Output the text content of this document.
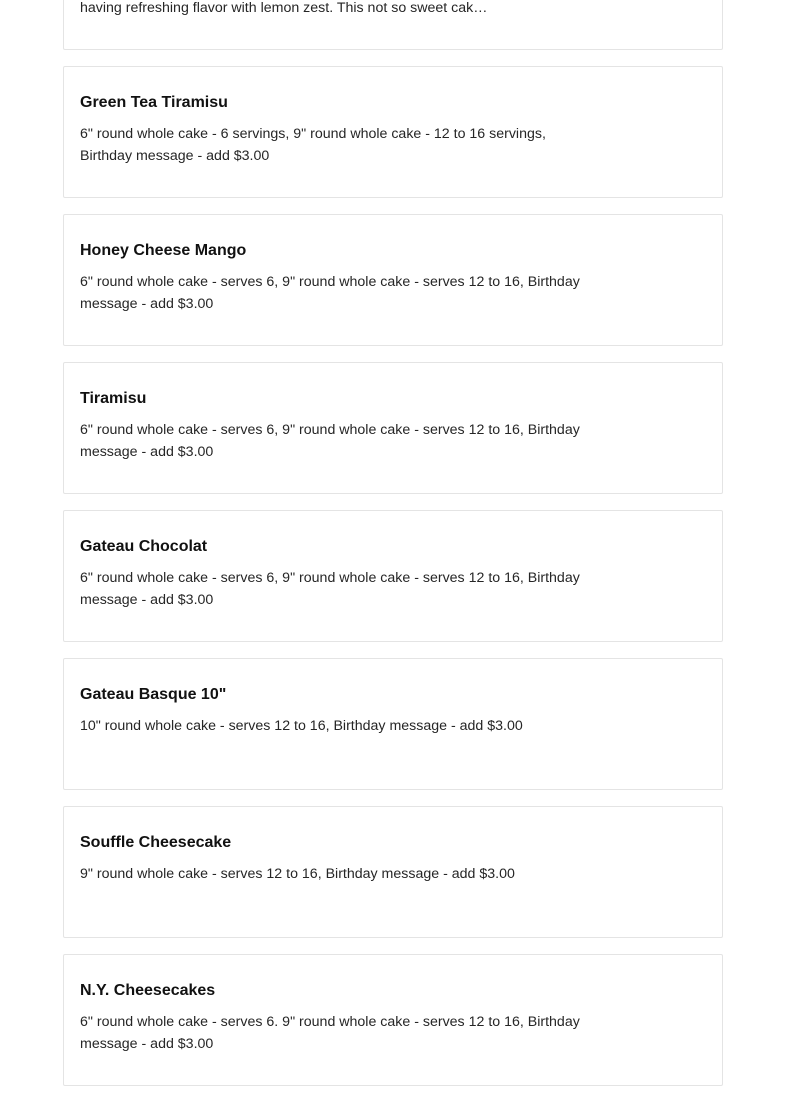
having refreshing flavor with lemon zest. This not so sweet cak…

Green Tea Tiramisu

6" round whole cake - 6 servings, 9" round whole cake - 12 to 16 servings, Birthday message - add $3.00

Honey Cheese Mango

6" round whole cake - serves 6, 9" round whole cake - serves 12 to 16, Birthday message - add $3.00

Tiramisu

6" round whole cake - serves 6, 9" round whole cake - serves 12 to 16, Birthday message - add $3.00

Gateau Chocolat

6" round whole cake - serves 6, 9" round whole cake - serves 12 to 16, Birthday message - add $3.00

Gateau Basque 10"

10" round whole cake - serves 12 to 16, Birthday message - add $3.00

Souffle Cheesecake

9" round whole cake - serves 12 to 16, Birthday message - add $3.00

N.Y. Cheesecakes

6" round whole cake - serves 6. 9" round whole cake - serves 12 to 16, Birthday message - add $3.00
